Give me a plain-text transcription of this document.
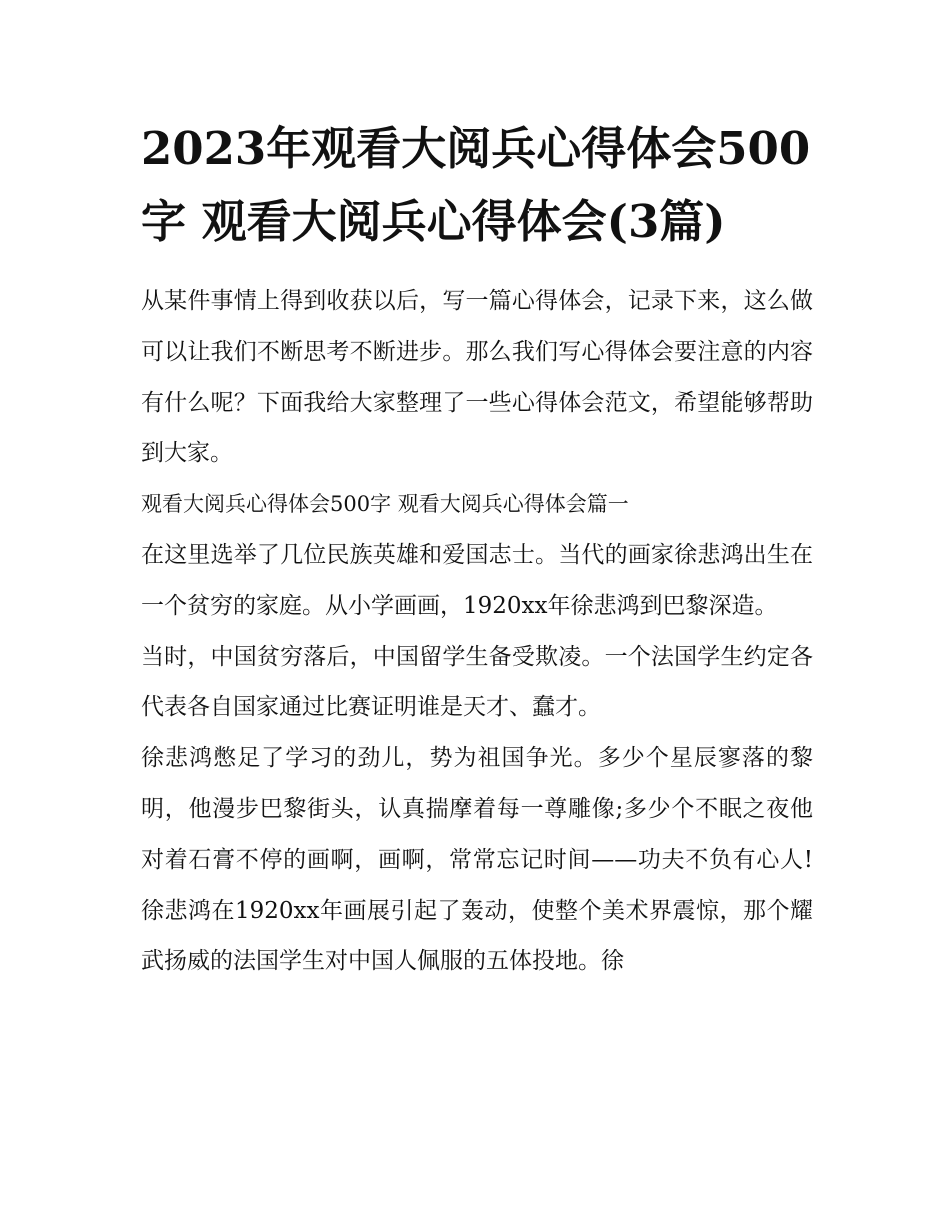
2023年观看大阅兵心得体会500字 观看大阅兵心得体会(3篇)

从某件事情上得到收获以后，写一篇心得体会，记录下来，这么做可以让我们不断思考不断进步。那么我们写心得体会要注意的内容有什么呢？下面我给大家整理了一些心得体会范文，希望能够帮助到大家。

观看大阅兵心得体会500字 观看大阅兵心得体会篇一

在这里选举了几位民族英雄和爱国志士。当代的画家徐悲鸿出生在一个贫穷的家庭。从小学画画，1920xx年徐悲鸿到巴黎深造。

当时，中国贫穷落后，中国留学生备受欺凌。一个法国学生约定各代表各自国家通过比赛证明谁是天才、蠢才。

徐悲鸿憋足了学习的劲儿，势为祖国争光。多少个星辰寥落的黎明，他漫步巴黎街头，认真揣摩着每一尊雕像;多少个不眠之夜他对着石膏不停的画啊，画啊，常常忘记时间——功夫不负有心人!徐悲鸿在1920xx年画展引起了轰动，使整个美术界震惊，那个耀武扬威的法国学生对中国人佩服的五体投地。徐
